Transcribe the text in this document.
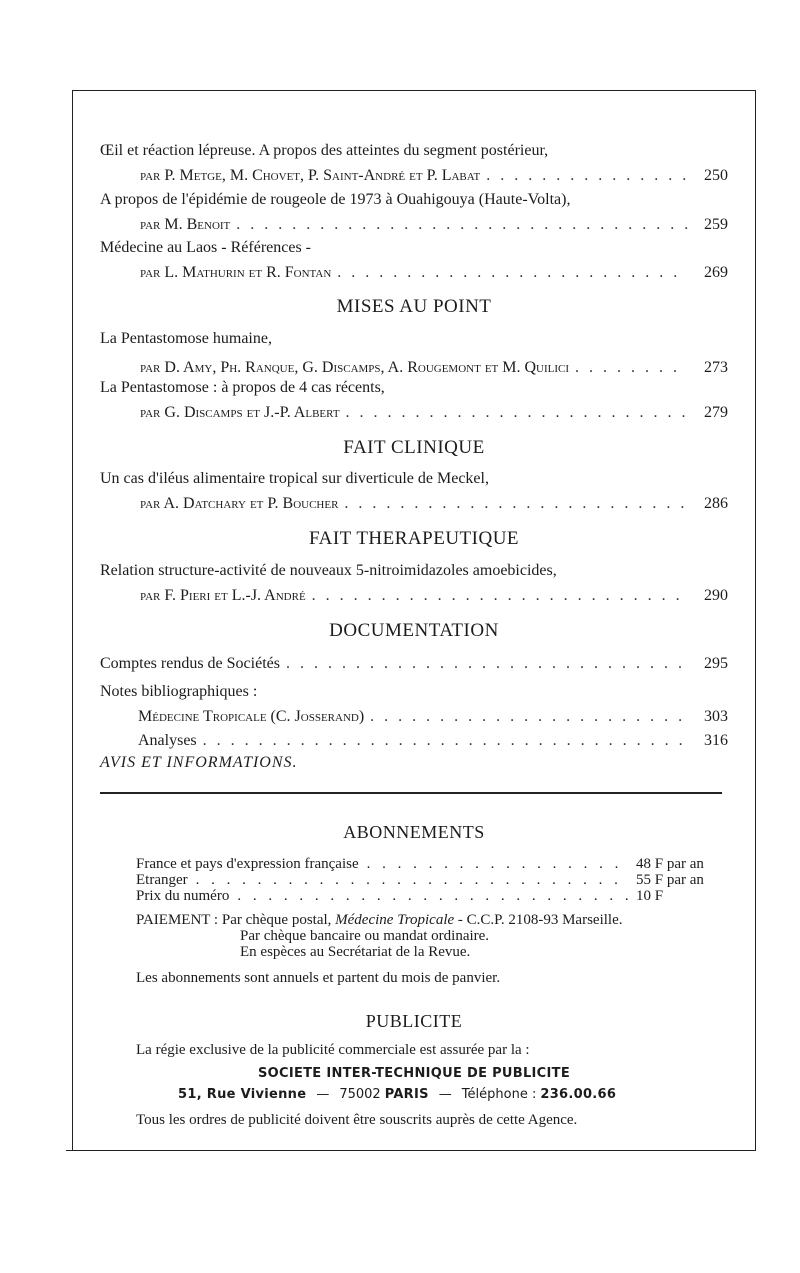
Œil et réaction lépreuse. A propos des atteintes du segment postérieur,
par P. Metge, M. Chovet, P. Saint-André et P. Labat . . .	250
A propos de l'épidémie de rougeole de 1973 à Ouahigouya (Haute-Volta),
par M. Benoit . . .	259
Médecine au Laos - Références -
par L. Mathurin et R. Fontan . . .	269
MISES AU POINT
La Pentastomose humaine,
par D. Amy, Ph. Ranque, G. Discamps, A. Rougemont et M. Quilici . . .	273
La Pentastomose : à propos de 4 cas récents,
par G. Discamps et J.-P. Albert . . .	279
FAIT CLINIQUE
Un cas d'iléus alimentaire tropical sur diverticule de Meckel,
par A. Datchary et P. Boucher . . .	286
FAIT THERAPEUTIQUE
Relation structure-activité de nouveaux 5-nitroimidazoles amoebicides,
par F. Pieri et L.-J. André . . .	290
DOCUMENTATION
Comptes rendus de Sociétés . . .	295
Notes bibliographiques :
Médecine Tropicale (C. Josserand) . . .	303
Analyses . . .	316
AVIS ET INFORMATIONS.
ABONNEMENTS
France et pays d'expression française . . .	48 F par an
Etranger . . .	55 F par an
Prix du numéro . . .	10 F
PAIEMENT : Par chèque postal, Médecine Tropicale - C.C.P. 2108-93 Marseille.
Par chèque bancaire ou mandat ordinaire.
En espèces au Secrétariat de la Revue.
Les abonnements sont annuels et partent du mois de panvier.
PUBLICITE
La régie exclusive de la publicité commerciale est assurée par la :
SOCIETE INTER-TECHNIQUE DE PUBLICITE
51, Rue Vivienne — 75002 PARIS — Téléphone : 236.00.66
Tous les ordres de publicité doivent être souscrits auprès de cette Agence.
